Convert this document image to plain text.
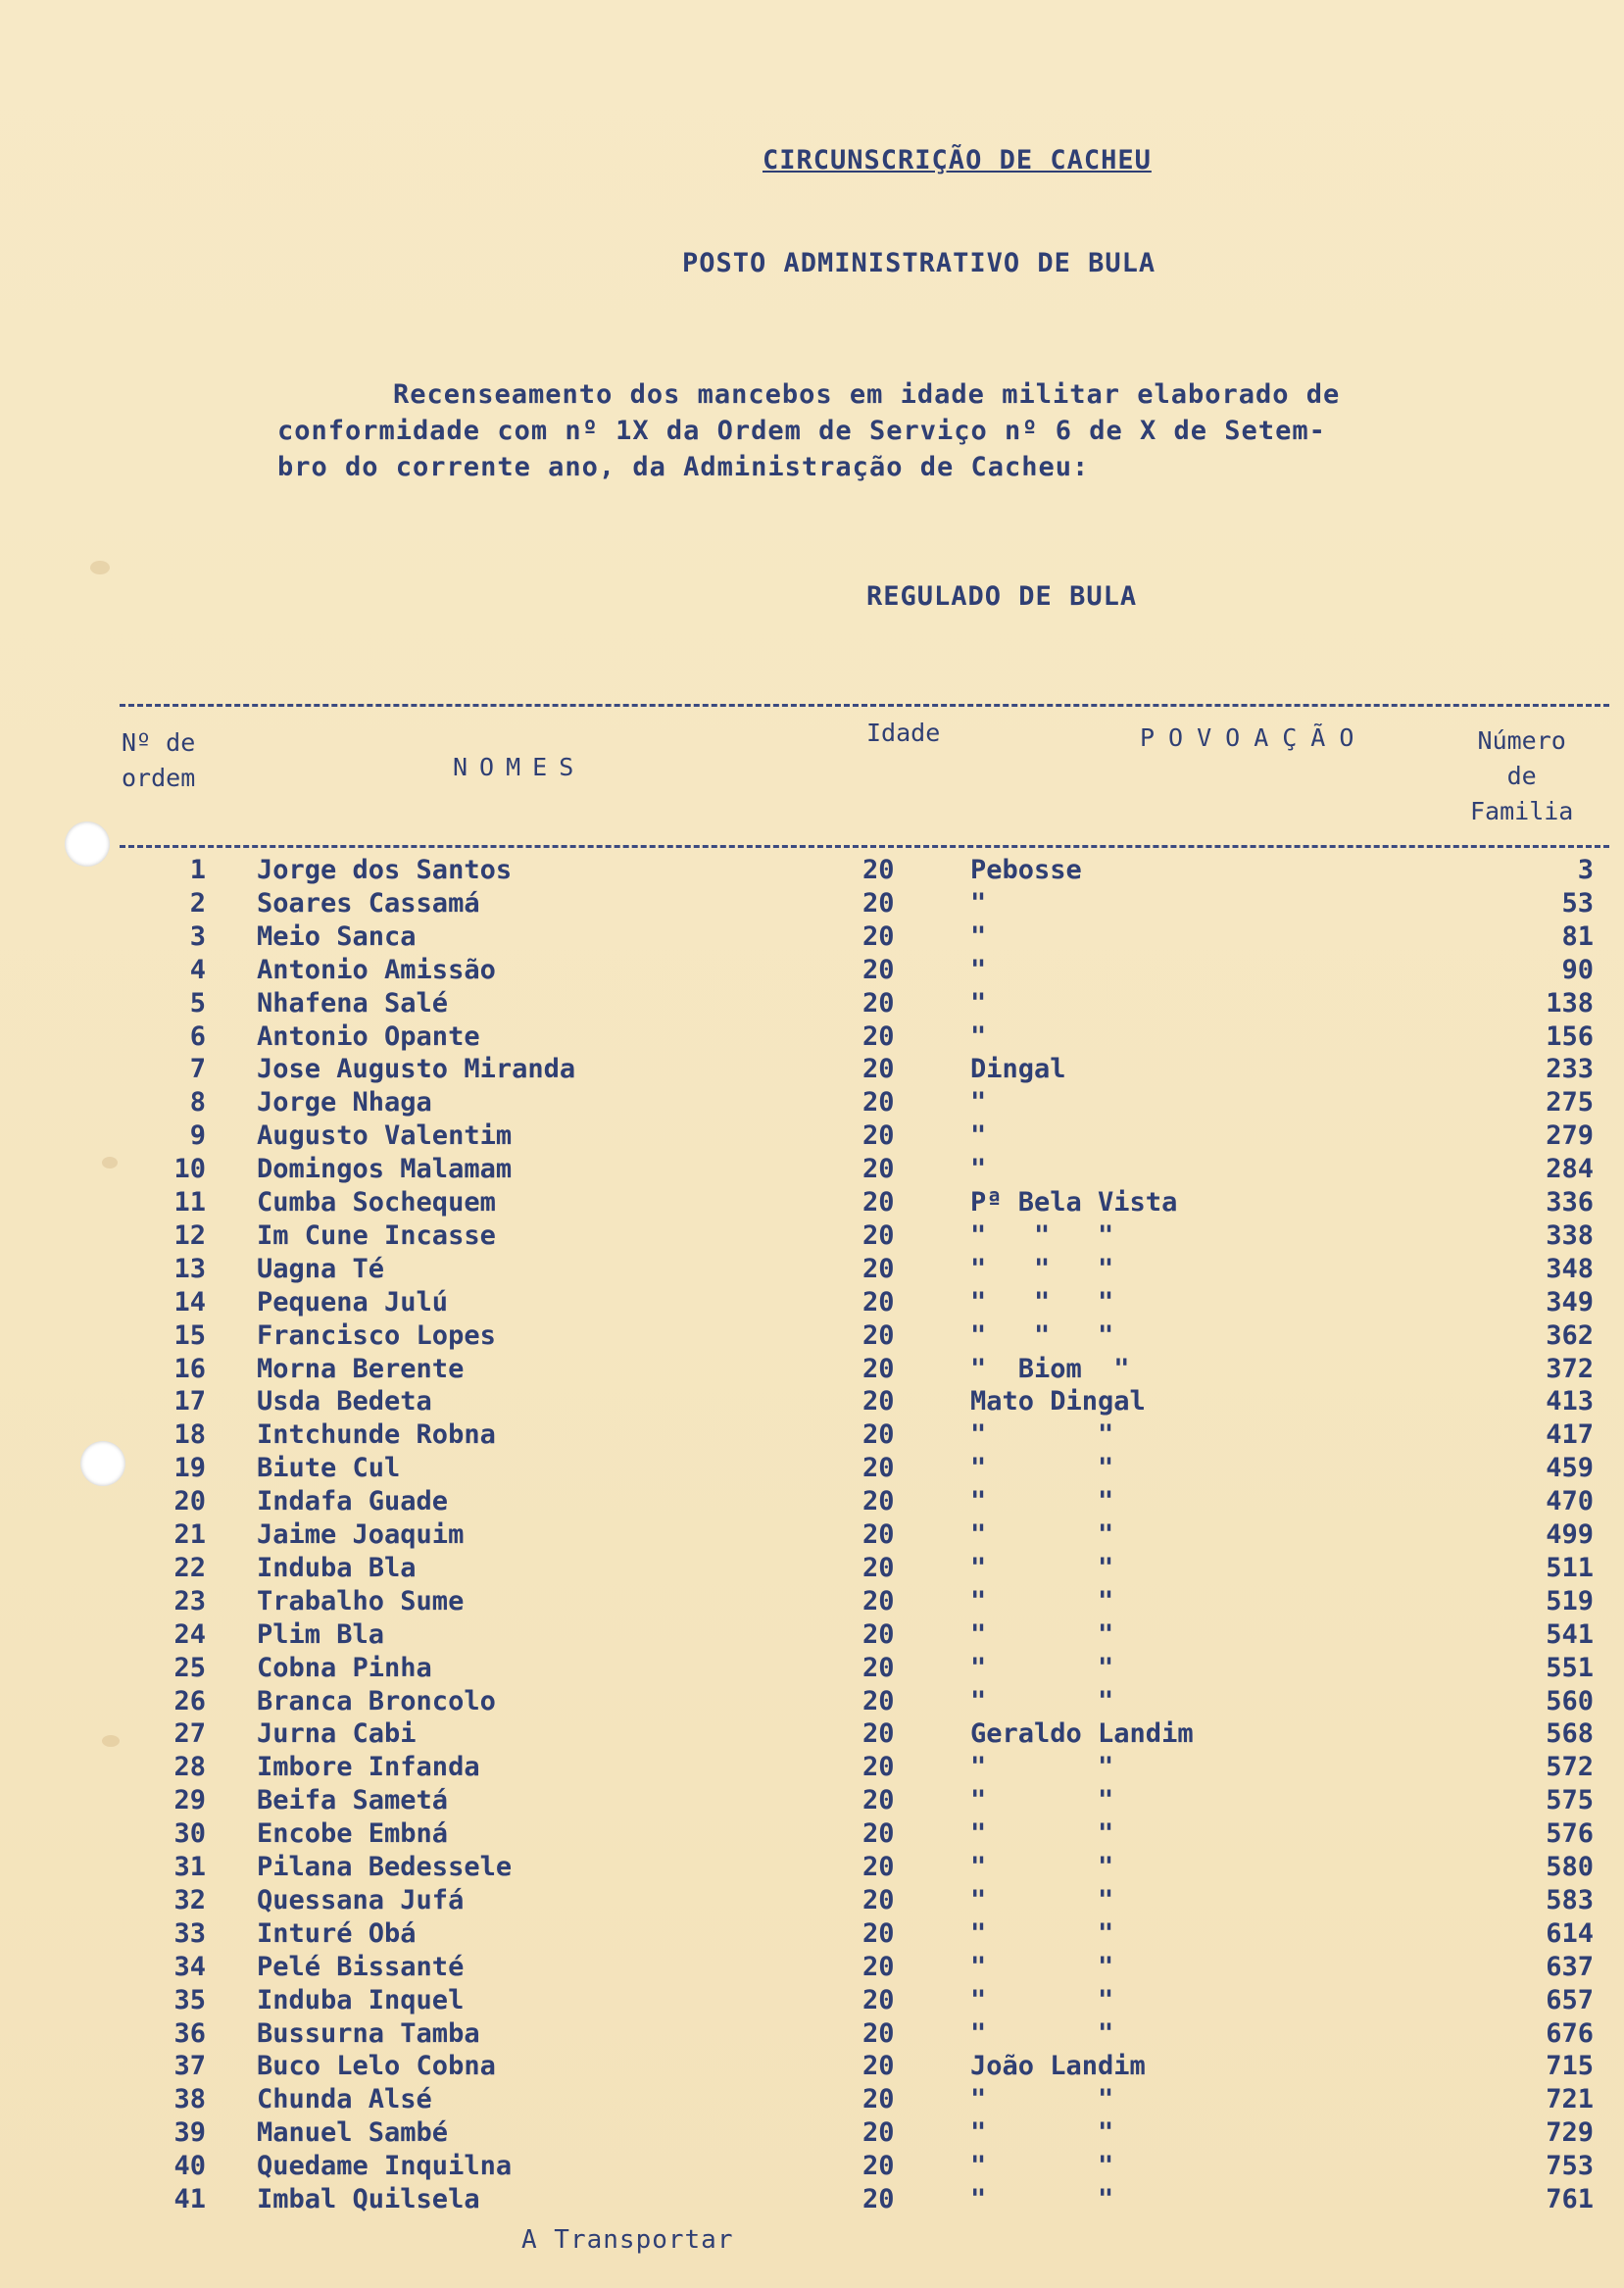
CIRCUNSCRIÇÃO DE CACHEU
POSTO ADMINISTRATIVO DE BULA
Recenseamento dos mancebos em idade militar elaborado de
conformidade com nº 1X da Ordem de Serviço nº 6 de X de Setem-
bro do corrente ano, da Administração de Cacheu:
REGULADO DE BULA
Nº de
ordem	NOMES
Idade	POVOAÇÃO	Número
de
Familia
1 Jorge dos Santos	20	Pebosse	3
2 Soares Cassamá	20	"	53
3 Meio Sanca	20	"	81
4 Antonio Amissão	20	"	90
5 Nhafena Salé	20	"	138
6 Antonio Opante	20	"	156
7 Jose Augusto Miranda	20	Dingal	233
8 Jorge Nhaga	20	"	275
9 Augusto Valentim	20	"	279
10 Domingos Malamam	20	"	284
11 Cumba Sochequem	20	Pª Bela Vista	336
12 Im Cune Incasse	20	"   "   "	338
13 Uagna Té	20	"   "   "	348
14 Pequena Julú	20	"   "   "	349
15 Francisco Lopes	20	"   "   "	362
16 Morna Berente	20	"  Biom  "	372
17 Usda Bedeta	20	Mato Dingal	413
18 Intchunde Robna	20	"       "	417
19 Biute Cul	20	"       "	459
20 Indafa Guade	20	"       "	470
21 Jaime Joaquim	20	"       "	499
22 Induba Bla	20	"       "	511
23 Trabalho Sume	20	"       "	519
24 Plim Bla	20	"       "	541
25 Cobna Pinha	20	"       "	551
26 Branca Broncolo	20	"       "	560
27 Jurna Cabi	20	Geraldo Landim	568
28 Imbore Infanda	20	"       "	572
29 Beifa Sametá	20	"       "	575
30 Encobe Embná	20	"       "	576
31 Pilana Bedessele	20	"       "	580
32 Quessana Jufá	20	"       "	583
33 Inturé Obá	20	"       "	614
34 Pelé Bissanté	20	"       "	637
35 Induba Inquel	20	"       "	657
36 Bussurna Tamba	20	"       "	676
37 Buco Lelo Cobna	20	João Landim	715
38 Chunda Alsé	20	"       "	721
39 Manuel Sambé	20	"       "	729
40 Quedame Inquilna	20	"       "	753
41 Imbal Quilsela	20	"       "	761
A Transportar
